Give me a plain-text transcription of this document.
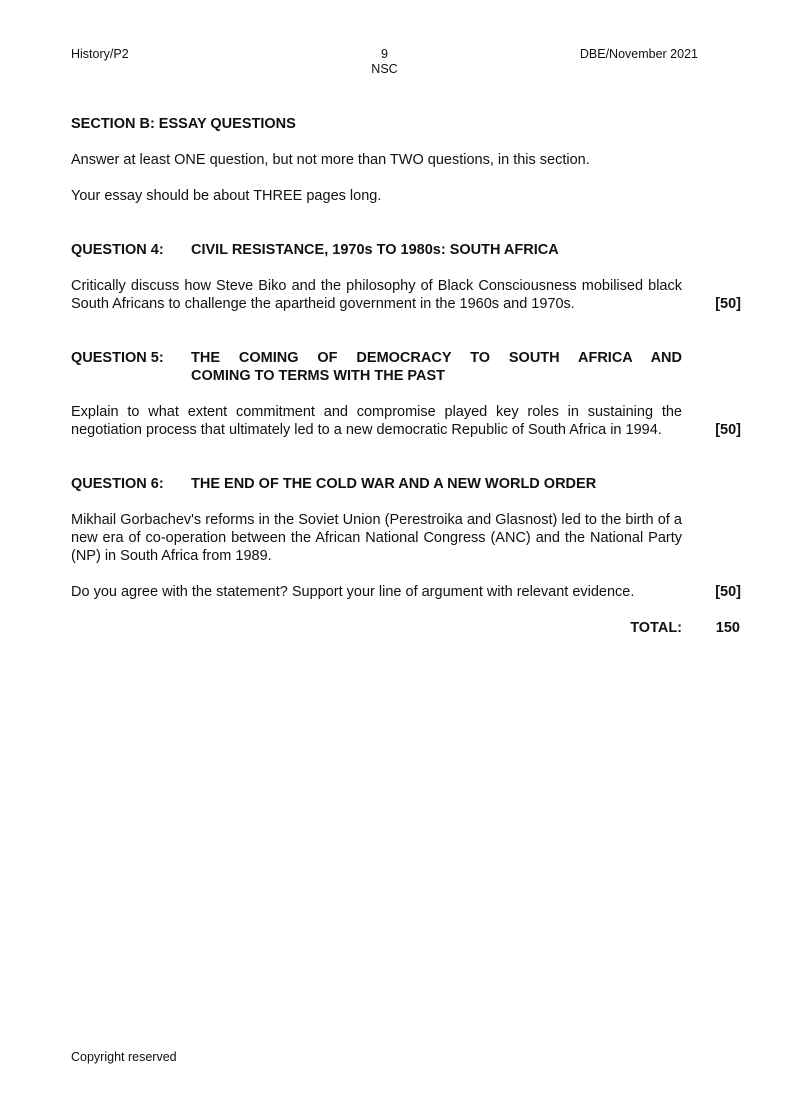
History/P2	9
NSC
DBE/November 2021

SECTION B: ESSAY QUESTIONS

Answer at least ONE question, but not more than TWO questions, in this section.

Your essay should be about THREE pages long.

QUESTION 4:	CIVIL RESISTANCE, 1970s TO 1980s: SOUTH AFRICA

Critically discuss how Steve Biko and the philosophy of Black Consciousness mobilised black South Africans to challenge the apartheid government in the 1960s and 1970s.	[50]
QUESTION 5:	THE COMING OF DEMOCRACY TO SOUTH AFRICA AND
COMING TO TERMS WITH THE PAST

Explain to what extent commitment and compromise played key roles in sustaining the negotiation process that ultimately led to a new democratic Republic of South Africa in 1994.	[50]
QUESTION 6:	THE END OF THE COLD WAR AND A NEW WORLD ORDER

Mikhail Gorbachev's reforms in the Soviet Union (Perestroika and Glasnost) led to the birth of a new era of co-operation between the African National Congress (ANC) and the National Party (NP) in South Africa from 1989.

Do you agree with the statement? Support your line of argument with relevant evidence.	[50]
TOTAL: 150
Copyright reserved
